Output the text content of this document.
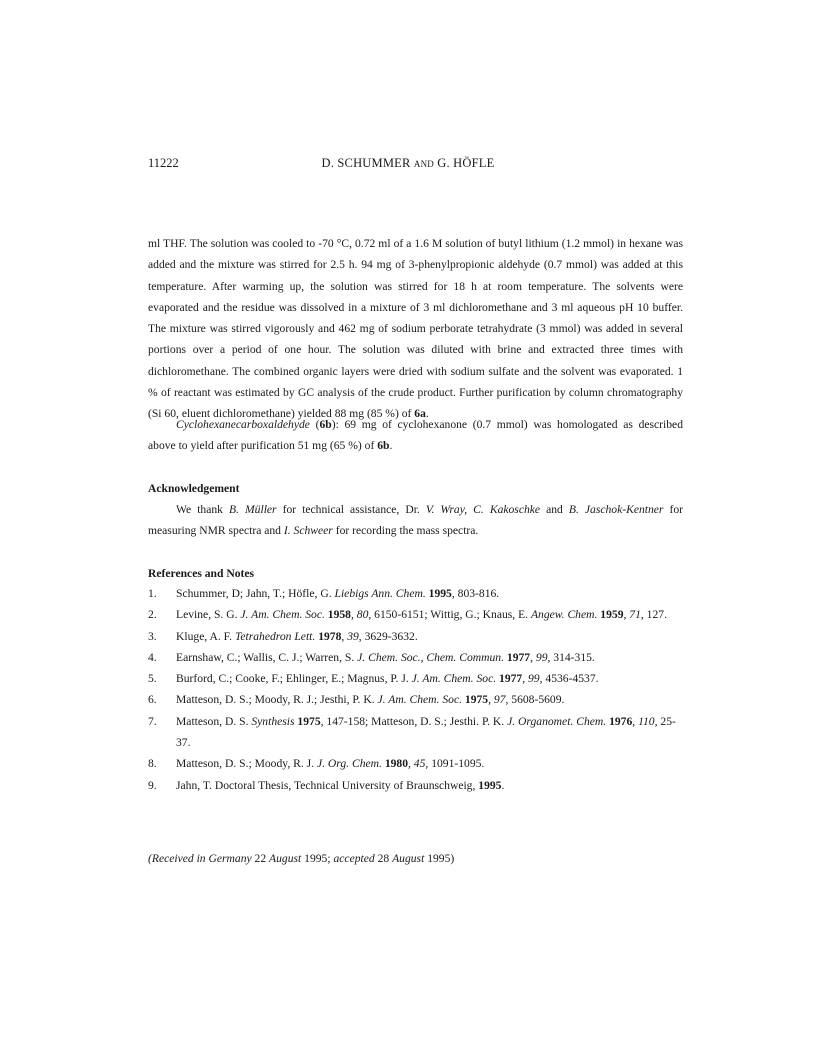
11222	D. SCHUMMER and G. HÖFLE
ml THF. The solution was cooled to -70 °C, 0.72 ml of a 1.6 M solution of butyl lithium (1.2 mmol) in hexane was added and the mixture was stirred for 2.5 h. 94 mg of 3-phenylpropionic aldehyde (0.7 mmol) was added at this temperature. After warming up, the solution was stirred for 18 h at room temperature. The solvents were evaporated and the residue was dissolved in a mixture of 3 ml dichloromethane and 3 ml aqueous pH 10 buffer. The mixture was stirred vigorously and 462 mg of sodium perborate tetrahydrate (3 mmol) was added in several portions over a period of one hour. The solution was diluted with brine and extracted three times with dichloromethane. The combined organic layers were dried with sodium sulfate and the solvent was evaporated. 1 % of reactant was estimated by GC analysis of the crude product. Further purification by column chromatography (Si 60, eluent dichloromethane) yielded 88 mg (85 %) of 6a.
Cyclohexanecarboxaldehyde (6b): 69 mg of cyclohexanone (0.7 mmol) was homologated as described above to yield after purification 51 mg (65 %) of 6b.
Acknowledgement
We thank B. Müller for technical assistance, Dr. V. Wray, C. Kakoschke and B. Jaschok-Kentner for measuring NMR spectra and I. Schweer for recording the mass spectra.
References and Notes
1.	Schummer, D; Jahn, T.; Höfle, G. Liebigs Ann. Chem. 1995, 803-816.
2.	Levine, S. G. J. Am. Chem. Soc. 1958, 80, 6150-6151; Wittig, G.; Knaus, E. Angew. Chem. 1959, 71, 127.
3.	Kluge, A. F. Tetrahedron Lett. 1978, 39, 3629-3632.
4.	Earnshaw, C.; Wallis, C. J.; Warren, S. J. Chem. Soc., Chem. Commun. 1977, 99, 314-315.
5.	Burford, C.; Cooke, F.; Ehlinger, E.; Magnus, P. J. J. Am. Chem. Soc. 1977, 99, 4536-4537.
6.	Matteson, D. S.; Moody, R. J.; Jesthi, P. K. J. Am. Chem. Soc. 1975, 97, 5608-5609.
7.	Matteson, D. S. Synthesis 1975, 147-158; Matteson, D. S.; Jesthi. P. K. J. Organomet. Chem. 1976, 110, 25-37.
8.	Matteson, D. S.; Moody, R. J. J. Org. Chem. 1980, 45, 1091-1095.
9.	Jahn, T. Doctoral Thesis, Technical University of Braunschweig, 1995.
(Received in Germany 22 August 1995; accepted 28 August 1995)
